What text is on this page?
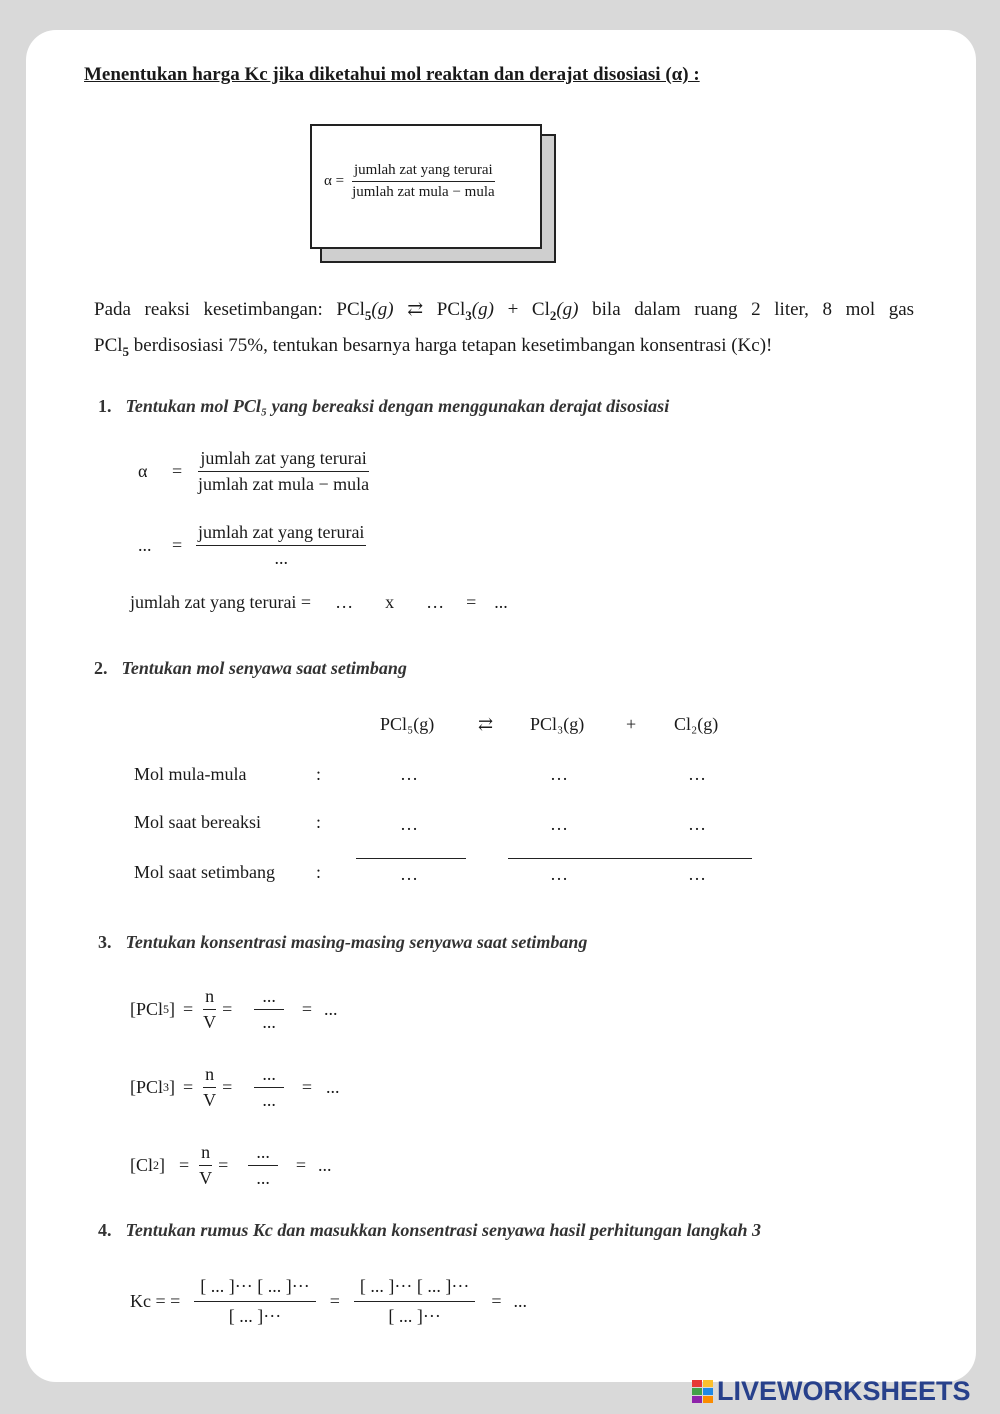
Menentukan harga Kc jika diketahui mol reaktan dan derajat disosiasi (α) :
$\alpha = \frac{\text{jumlah zat yang terurai}}{\text{jumlah zat mula − mula}}$
Pada reaksi kesetimbangan: PCl$_5$(g) ⇄ $PCl_3(g) + Cl_2(g)$ bila dalam ruang 2 liter, 8 mol gas
PCl$_5$ berdisosiasi 75%, tentukan besarnya harga tetapan kesetimbangan konsentrasi (Kc)!
1. Tentukan mol PCl₅ yang bereaksi dengan menggunakan derajat disosiasi
α	= $\frac{\text{jumlah zat yang terurai}}{\text{jumlah zat mula − mula}}$
...	= $\frac{\text{jumlah zat yang terurai}}{...}$
jumlah zat yang terurai = … x … = ...
2. Tentukan mol senyawa saat setimbang
PCl₅(g) ⇄ PCl₃(g) + Cl₂(g)
Mol mula-mula	:	…	…	…
Mol saat bereaksi	:	…	…	…
Mol saat setimbang :	…	…	…
3. Tentukan konsentrasi masing-masing senyawa saat setimbang
[PCl 5 ] = $\frac{n}{V} = \frac{...}{...}$ = ...
[PCl 3 ] = $\frac{n}{V} = \frac{...}{...}$ = ...
[Cl 2 ] = $\frac{n}{V} = \frac{...}{...}$ = ...
4. Tentukan rumus Kc dan masukkan konsentrasi senyawa hasil perhitungan langkah 3
Kc = = $\frac{[ ... ]\cdot\cdot\cdot [ ... ]\cdot\cdot\cdot}{[ ... ]\cdot\cdot\cdot} = \frac{[ ... ]\cdot\cdot\cdot [ ... ]\cdot\cdot\cdot}{[ ... ]\cdot\cdot\cdot}$ = ...
LIVEWORKSHEETS
